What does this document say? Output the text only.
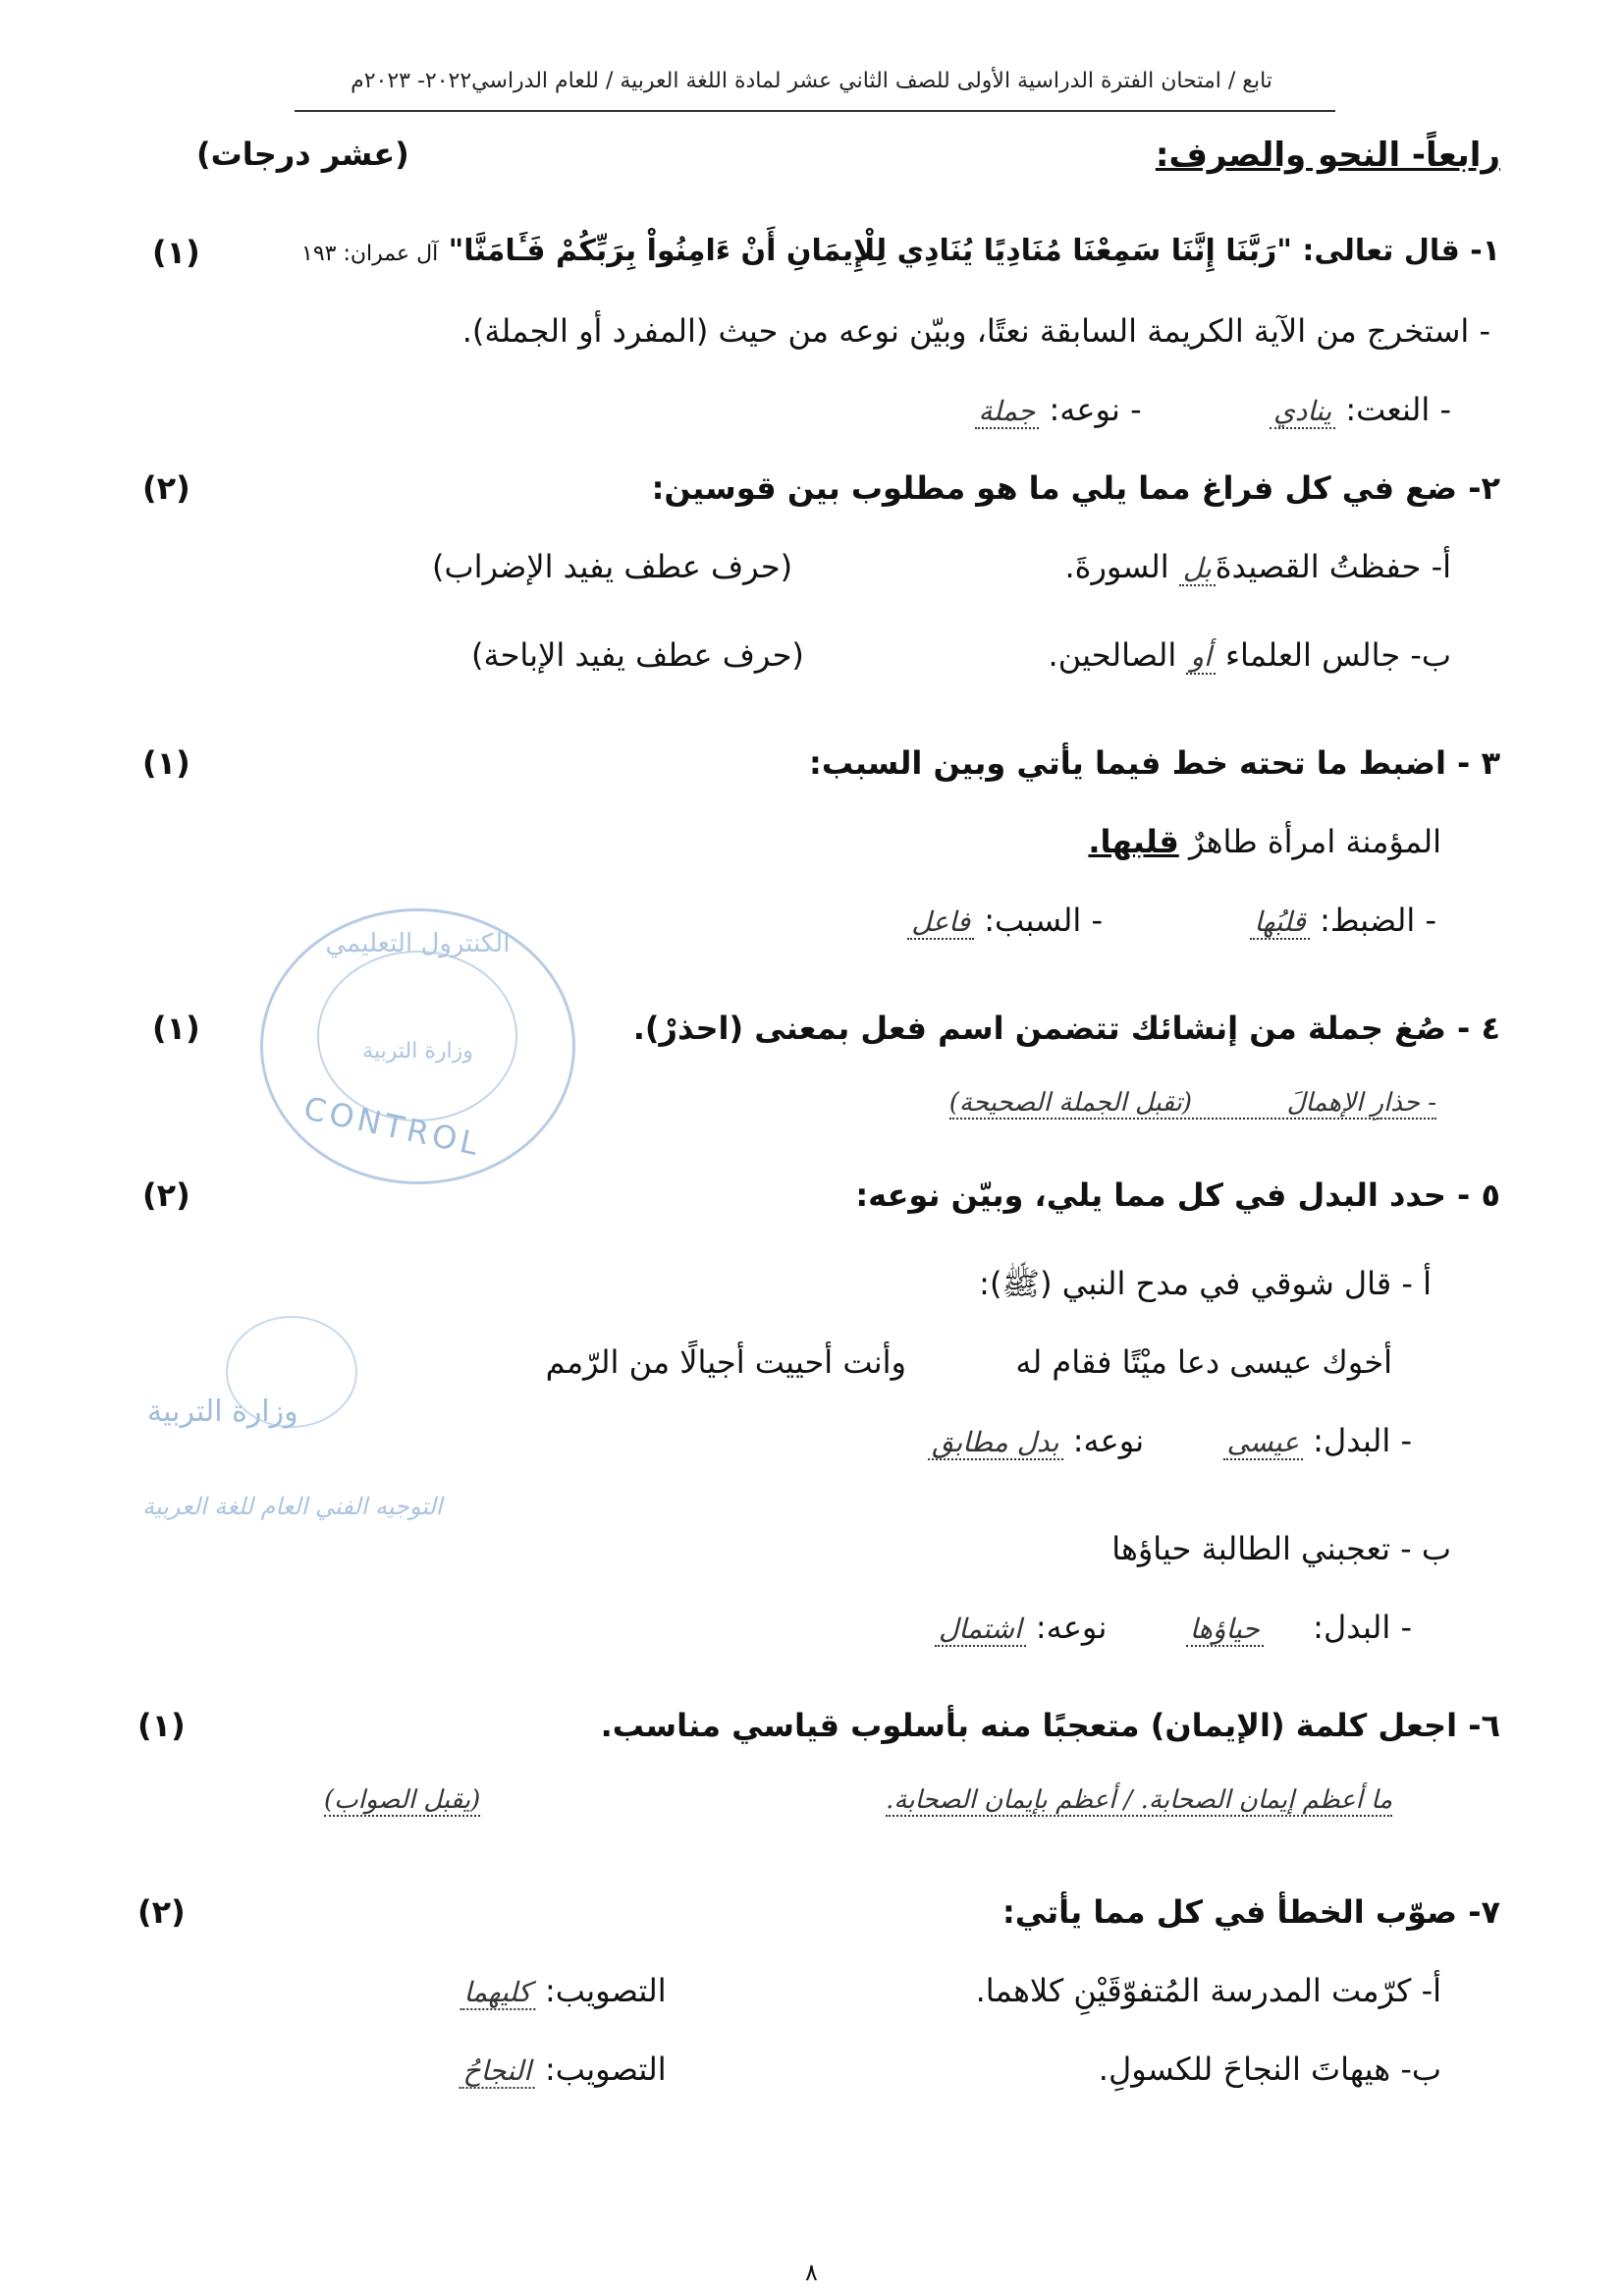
تابع / امتحان الفترة الدراسية الأولى للصف الثاني عشر لمادة اللغة العربية / للعام الدراسي٢٠٢٢- ٢٠٢٣م
رابعاً- النحو والصرف:
(عشر درجات)
١- قال تعالى: "رَبَّنَا إِنَّنَا سَمِعْنَا مُنَادِيًا يُنَادِي لِلْإِيمَانِ أَنْ ءَامِنُواْ بِرَبِّكُمْ فَـَٔامَنَّا" آل عمران: ١٩٣
(١)
- استخرج من الآية الكريمة السابقة نعتًا، وبيّن نوعه من حيث (المفرد أو الجملة).
- النعت: ينادي  - نوعه: جملة
٢- ضع في كل فراغ مما يلي ما هو مطلوب بين قوسين:
(٢)
أ- حفظتُ القصيدةَبل السورةَ.
(حرف عطف يفيد الإضراب)
ب- جالس العلماء أو الصالحين.
(حرف عطف يفيد الإباحة)
٣ - اضبط ما تحته خط فيما يأتي وبين السبب:
(١)
المؤمنة امرأة طاهرٌ قلبها.
- الضبط: قلبُها  - السبب: فاعل
٤ - صُغ جملة من إنشائك تتضمن اسم فعل بمعنى (احذرْ).
(١)
- حذارِ الإهمالَ  (تقبل الجملة الصحيحة)
الكنترول التعليمي
وزارة التربية
CONTROL
٥ - حدد البدل في كل مما يلي، وبيّن نوعه:
(٢)
أ - قال شوقي في مدح النبي (ﷺ):
أخوك عيسى دعا ميْتًا فقام له
وأنت أحييت أجيالًا من الرّمم
- البدل: عيسى  نوعه: بدل مطابق
وزارة التربية
التوجيه الفني العام للغة العربية
ب - تعجبني الطالبة حياؤها
- البدل:  حياؤها  نوعه: اشتمال
٦- اجعل كلمة (الإيمان) متعجبًا منه بأسلوب قياسي مناسب.
(١)
ما أعظم إيمان الصحابة. / أعظم بإيمان الصحابة.
(يقبل الصواب)
٧- صوّب الخطأ في كل مما يأتي:
(٢)
أ- كرّمت المدرسة المُتفوّقَيْنِ كلاهما.
التصويب:
كليهما
ب- هيهاتَ النجاحَ للكسولِ.
التصويب:
النجاحُ
٨
